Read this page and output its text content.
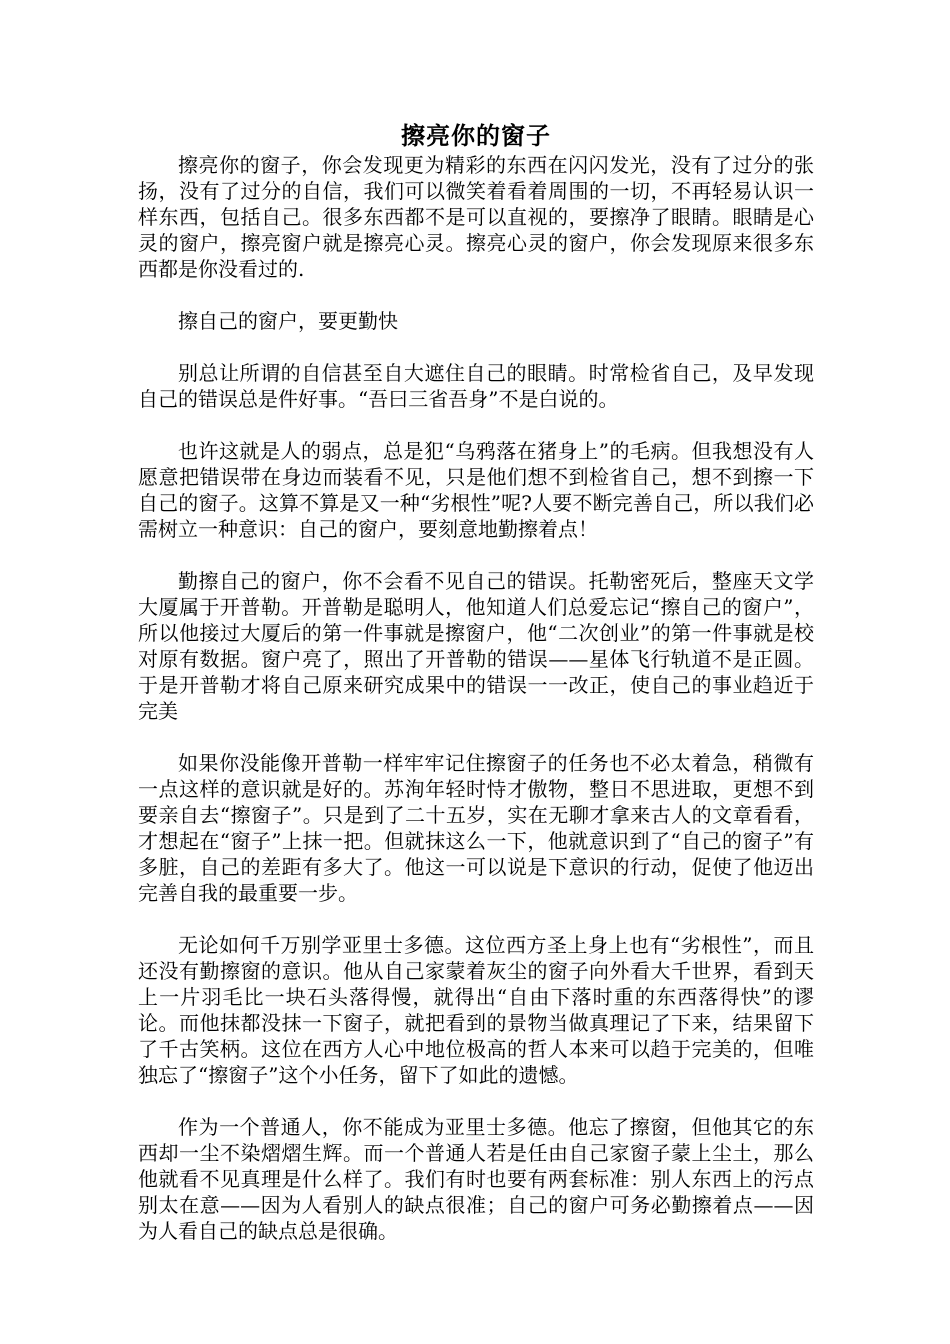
擦亮你的窗子

擦亮你的窗子，你会发现更为精彩的东西在闪闪发光，没有了过分的张扬，没有了过分的自信，我们可以微笑着看着周围的一切，不再轻易认识一样东西，包括自己。很多东西都不是可以直视的，要擦净了眼睛。眼睛是心灵的窗户，擦亮窗户就是擦亮心灵。擦亮心灵的窗户，你会发现原来很多东西都是你没看过的.

擦自己的窗户，要更勤快

别总让所谓的自信甚至自大遮住自己的眼睛。时常检省自己，及早发现自己的错误总是件好事。“吾曰三省吾身”不是白说的。

也许这就是人的弱点，总是犯“乌鸦落在猪身上”的毛病。但我想没有人愿意把错误带在身边而装看不见，只是他们想不到检省自己，想不到擦一下自己的窗子。这算不算是又一种“劣根性”呢?人要不断完善自己，所以我们必需树立一种意识：自己的窗户，要刻意地勤擦着点！

勤擦自己的窗户，你不会看不见自己的错误。托勒密死后，整座天文学大厦属于开普勒。开普勒是聪明人，他知道人们总爱忘记“擦自己的窗户”，所以他接过大厦后的第一件事就是擦窗户，他“二次创业”的第一件事就是校对原有数据。窗户亮了，照出了开普勒的错误——星体飞行轨道不是正圆。于是开普勒才将自己原来研究成果中的错误一一改正，使自己的事业趋近于完美

如果你没能像开普勒一样牢牢记住擦窗子的任务也不必太着急，稍微有一点这样的意识就是好的。苏洵年轻时恃才傲物，整日不思进取，更想不到要亲自去“擦窗子”。只是到了二十五岁，实在无聊才拿来古人的文章看看，才想起在“窗子”上抹一把。但就抹这么一下，他就意识到了“自己的窗子”有多脏，自己的差距有多大了。他这一可以说是下意识的行动，促使了他迈出完善自我的最重要一步。

无论如何千万别学亚里士多德。这位西方圣上身上也有“劣根性”，而且还没有勤擦窗的意识。他从自己家蒙着灰尘的窗子向外看大千世界，看到天上一片羽毛比一块石头落得慢，就得出“自由下落时重的东西落得快”的谬论。而他抹都没抹一下窗子，就把看到的景物当做真理记了下来，结果留下了千古笑柄。这位在西方人心中地位极高的哲人本来可以趋于完美的，但唯独忘了“擦窗子”这个小任务，留下了如此的遗憾。

作为一个普通人，你不能成为亚里士多德。他忘了擦窗，但他其它的东西却一尘不染熠熠生辉。而一个普通人若是任由自己家窗子蒙上尘土，那么他就看不见真理是什么样了。我们有时也要有两套标准：别人东西上的污点别太在意——因为人看别人的缺点很准；自己的窗户可务必勤擦着点——因为人看自己的缺点总是很确。
